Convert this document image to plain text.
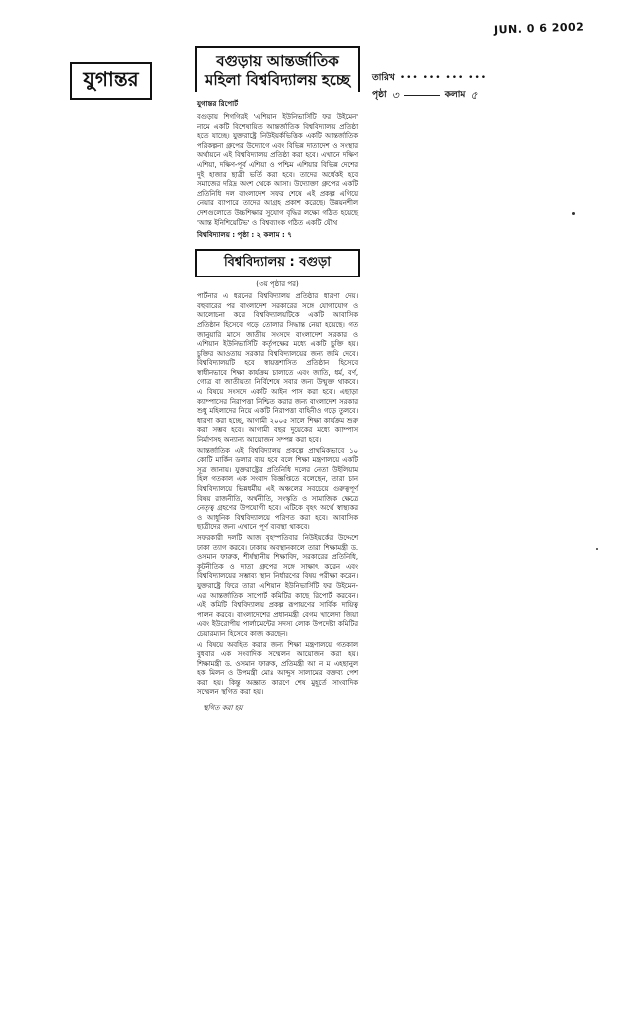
JUN. 0 6 2002
যুগান্তর	তারিখ ••• ••• ••• •••
পৃষ্ঠা ৩	কলাম ৫
বগুড়ায় আন্তর্জাতিক মহিলা বিশ্ববিদ্যালয় হচ্ছে
যুগান্তর রিপোর্ট
বগুড়ায় শিগগিরই 'এশিয়ান ইউনিভার্সিটি ফর উইমেন' নামে একটি বিশেষায়িত আন্তর্জাতিক বিশ্ববিদ্যালয় প্রতিষ্ঠা হতে যাচ্ছে। যুক্তরাষ্ট্রে নিউইয়র্কভিত্তিক একটি আন্তর্জাতিক পরিকল্পনা গ্রুপের উদ্যোগে এবং বিভিন্ন দাতাদেশ ও সংস্থার অর্থায়নে এই বিশ্ববিদ্যালয় প্রতিষ্ঠা করা হবে। এখানে দক্ষিণ এশিয়া, দক্ষিণ-পূর্ব এশিয়া ও পশ্চিম এশিয়ার বিভিন্ন দেশের দুই হাজার ছাত্রী ভর্তি করা হবে। তাদের অর্ধেকই হবে সমাজের দরিদ্র অংশ থেকে আসা। উদ্যোক্তা গ্রুপের একটি প্রতিনিধি দল বাংলাদেশ সফর শেষে এই প্রকল্প এগিয়ে নেয়ার ব্যাপারে তাদের আগ্রহ প্রকাশ করেছে। উন্নয়নশীল দেশগুলোতে উচ্চশিক্ষার সুযোগ বৃদ্ধির লক্ষ্যে গঠিত হয়েছে 'আন্ত ইনিশিয়েটিভ' ও বিশ্বব্যাংক গঠিত একটি যৌথ
বিশ্ববিদ্যালয় : পৃষ্ঠা : ২ কলাম : ৭
বিশ্ববিদ্যালয় : বগুড়া
(৩য় পৃষ্ঠার পর)

পার্টনার এ ধরনের বিশ্ববিদ্যালয় প্রতিষ্ঠার ধারণা দেয়। বহুবারের পর বাংলাদেশ সরকারের সঙ্গে যোগাযোগ ও আলোচনা করে বিশ্ববিদ্যালয়টিকে একটি আবাসিক প্রতিষ্ঠান হিসেবে গড়ে তোলার সিদ্ধান্ত নেয়া হয়েছে। গত জানুয়ারি মাসে জাতীয় সংসদে বাংলাদেশ সরকার ও এশিয়ান ইউনিভার্সিটি কর্তৃপক্ষের মধ্যে একটি চুক্তি হয়। চুক্তির আওতায় সরকার বিশ্ববিদ্যালয়ের জন্য জমি দেবে। বিশ্ববিদ্যালয়টি হবে স্বায়ত্তশাসিত প্রতিষ্ঠান হিসেবে স্বাধীনভাবে শিক্ষা কার্যক্রম চালাতে এবং জাতি, ধর্ম, বর্ণ, গোত্র বা জাতীয়তা নির্বিশেষে সবার জন্য উন্মুক্ত থাকবে। এ বিষয়ে সংসদে একটি আইন পাস করা হবে। এছাড়া ক্যাম্পাসের নিরাপত্তা নিশ্চিত করার জন্য বাংলাদেশ সরকার শুধু মহিলাদের নিয়ে একটি নিরাপত্তা বাহিনীও গড়ে তুলবে। ধারণা করা হচ্ছে, আগামী ২০০৫ সালে শিক্ষা কার্যক্রম শুরু করা সম্ভব হবে। আগামী বছর দুয়েকের মধ্যে ক্যাম্পাস নির্মাণসহ অন্যান্য আয়োজন সম্পন্ন করা হবে।

আন্তর্জাতিক এই বিশ্ববিদ্যালয় প্রকল্পে প্রাথমিকভাবে ১০ কোটি মার্কিন ডলার ব্যয় হবে বলে শিক্ষা মন্ত্রণালয়ে একটি সূত্র জানায়। যুক্তরাষ্ট্রের প্রতিনিধি দলের নেতা উইলিয়াম হিল গতকাল এক সংবাদ বিজ্ঞপ্তিতে বলেছেন, তারা চান বিশ্ববিদ্যালয়ে ভিন্নধর্মীয় এই অঞ্চলের সবচেয়ে গুরুত্বপূর্ণ বিষয় রাজনীতি, অর্থনীতি, সংস্কৃতি ও সামাজিক ক্ষেত্রে নেতৃত্ব গ্রহণের উপযোগী হবে। এটিকে বৃহৎ অর্থে স্বাস্থ্যকর ও আধুনিক বিশ্ববিদ্যালয়ে পরিণত করা হবে। আবাসিক ছাত্রীদের জন্য এখানে পূর্ণ ব্যবস্থা থাকবে।

সফরকারী দলটি আজ বৃহস্পতিবার নিউইয়র্কের উদ্দেশে ঢাকা ত্যাগ করবে। ঢাকায় অবস্থানকালে তারা শিক্ষামন্ত্রী ড. ওসমান ফারুক, শীর্ষস্থানীয় শিক্ষাবিদ, সরকারের প্রতিনিধি, কূটনীতিক ও দাতা গ্রুপের সঙ্গে সাক্ষাৎ করেন এবং বিশ্ববিদ্যালয়ের সম্ভাব্য স্থান নির্ধারণের বিষয় পরীক্ষা করেন। যুক্তরাষ্ট্রে ফিরে তারা এশিয়ান ইউনিভার্সিটি ফর উইমেন-এর আন্তর্জাতিক সাপোর্ট কমিটির কাছে রিপোর্ট করবেন। এই কমিটি বিশ্ববিদ্যালয় প্রকল্প রূপায়ণের সার্বিক দায়িত্ব পালন করবে। বাংলাদেশের প্রধানমন্ত্রী বেগম খালেদা জিয়া এবং ইউরোপীয় পার্লামেন্টের সদস্য লোক উপদেষ্টা কমিটির চেয়ারম্যান হিসেবে কাজ করছেন।

এ বিষয়ে অবহিত করার জন্য শিক্ষা মন্ত্রণালয়ে গতকাল বুধবার এক সংবাদিক সম্মেলন আয়োজন করা হয়। শিক্ষামন্ত্রী ড. ওসমান ফারুক, প্রতিমন্ত্রী আ ন ম এহছানুল হক মিলন ও উপমন্ত্রী মোঃ আব্দুস সালামের বক্তব্য পেশ করা হয়। কিন্তু অজ্ঞাত কারণে শেষ মুহূর্তে সাংবাদিক সম্মেলন স্থগিত করা হয়।

স্থগিত করা হয়
